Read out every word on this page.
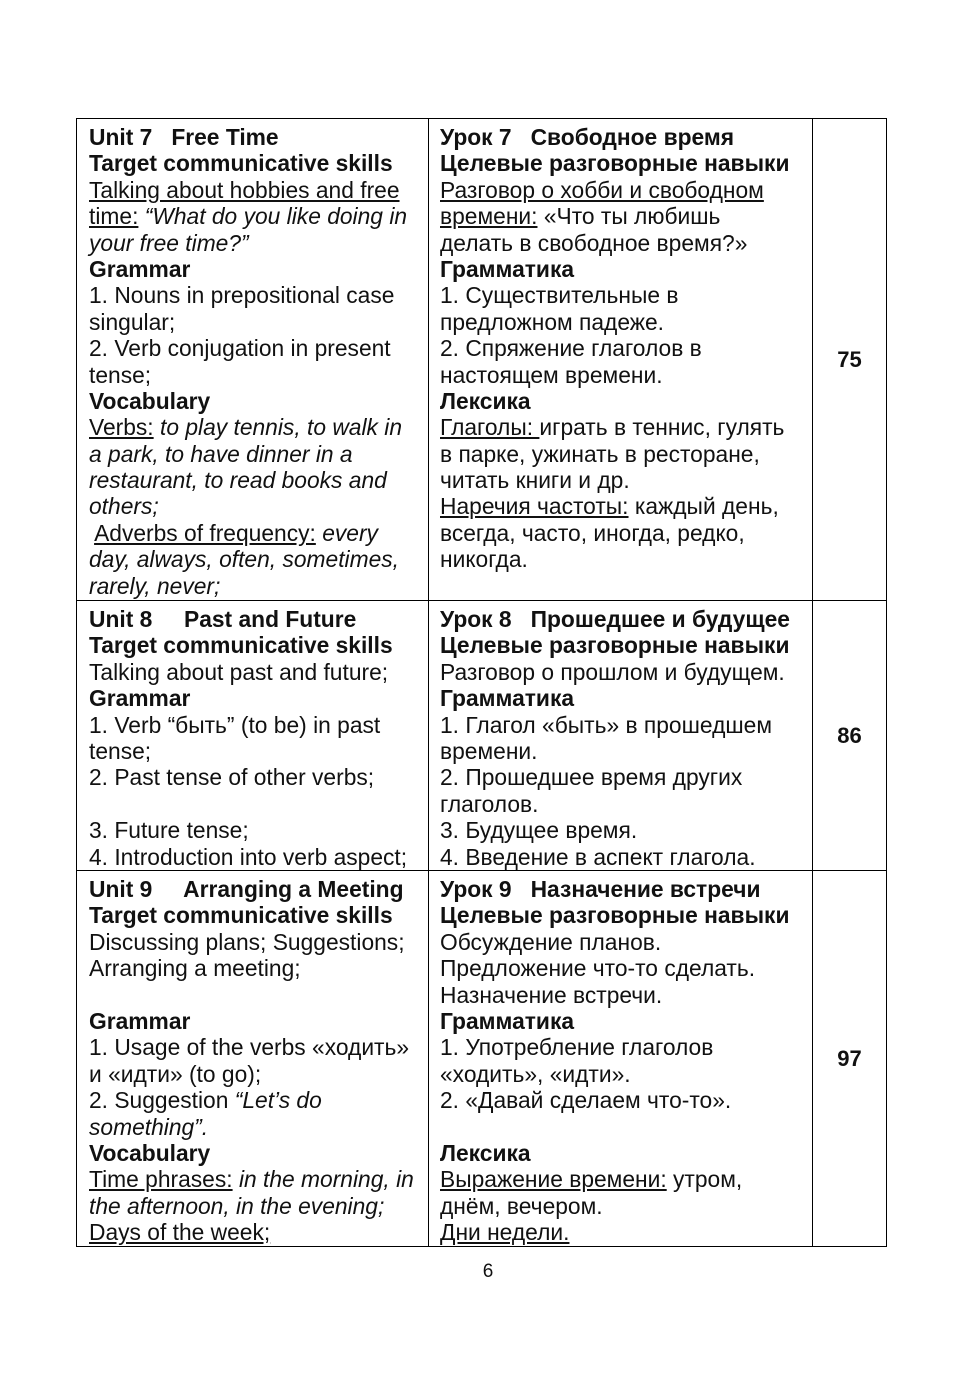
Unit 7   Free Time
Target communicative skills
Talking about hobbies and free
time: “What do you like doing in
your free time?”
Grammar
1. Nouns in prepositional case
singular;
2. Verb conjugation in present
tense;
Vocabulary
Verbs: to play tennis, to walk in
a park, to have dinner in a
restaurant, to read books and
others;
Adverbs of frequency: every
day, always, often, sometimes,
rarely, never;
Урок 7   Свободное время
Целевые разговорные навыки
Разговор о хобби и свободном
времени: «Что ты любишь
делать в свободное время?»
Грамматика
1. Существительные в
предложном падеже.
2. Спряжение глаголов в
настоящем времени.
Лексика
Глаголы: играть в теннис, гулять
в парке, ужинать в ресторане,
читать книги и др.
Наречия частоты: каждый день,
всегда, часто, иногда, редко,
никогда.
75
Unit 8     Past and Future
Target communicative skills
Talking about past and future;
Grammar
1. Verb “быть” (to be) in past
tense;
2. Past tense of other verbs;
3. Future tense;
4. Introduction into verb aspect;
Урок 8   Прошедшее и будущее
Целевые разговорные навыки
Разговор о прошлом и будущем.
Грамматика
1. Глагол «быть» в прошедшем
времени.
2. Прошедшее время других
глаголов.
3. Будущее время.
4. Введение в аспект глагола.
86
Unit 9     Arranging a Meeting
Target communicative skills
Discussing plans; Suggestions;
Arranging a meeting;
Grammar
1. Usage of the verbs «ходить»
и «идти» (to go);
2. Suggestion “Let’s do
something”.
Vocabulary
Time phrases: in the morning, in
the afternoon, in the evening;
Days of the week;
Урок 9   Назначение встречи
Целевые разговорные навыки
Обсуждение планов.
Предложение что-то сделать.
Назначение встречи.
Грамматика
1. Употребление глаголов
«ходить», «идти».
2. «Давай сделаем что-то».
Лексика
Выражение времени: утром,
днём, вечером.
Дни недели.
97
6
